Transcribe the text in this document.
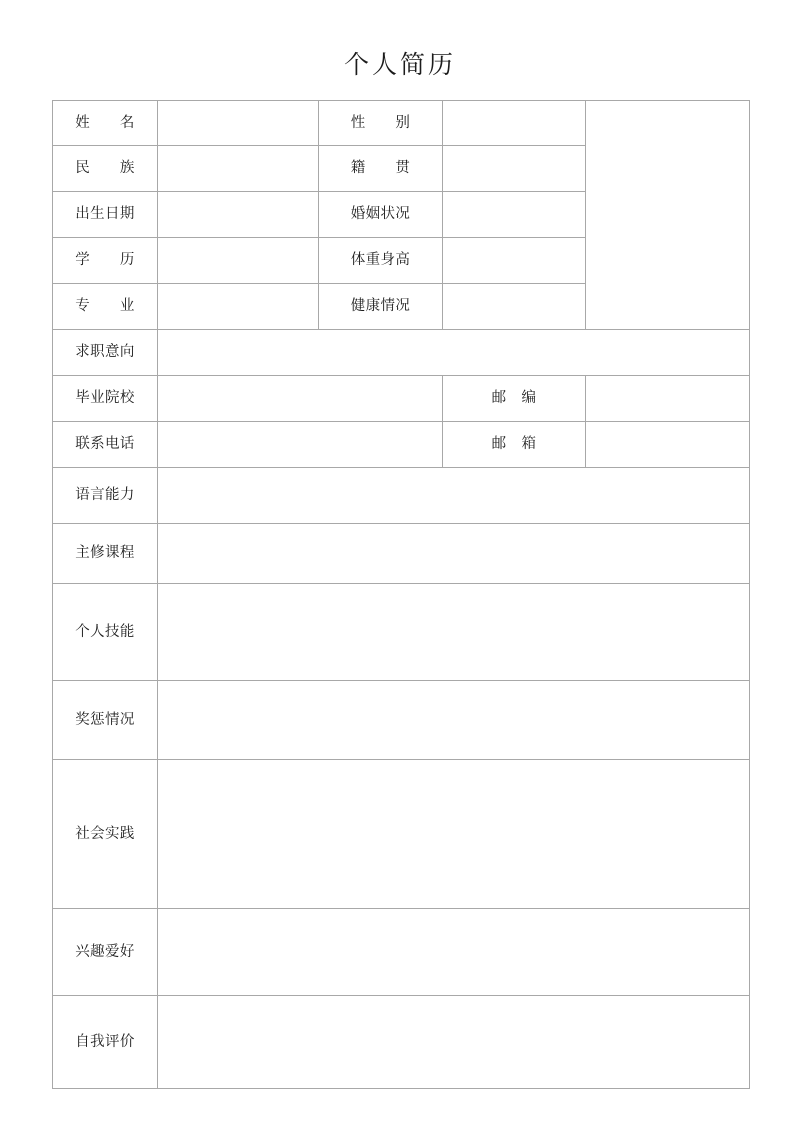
个人简历
姓　　名		性　　别		
民　　族		籍　　贯		
出生日期		婚姻状况		
学　　历		体重身高		
专　　业		健康情况		
求职意向				
毕业院校			邮　编	
联系电话			邮　箱	
语言能力				
主修课程				
个人技能				
奖惩情况				
社会实践				
兴趣爱好				
自我评价				
